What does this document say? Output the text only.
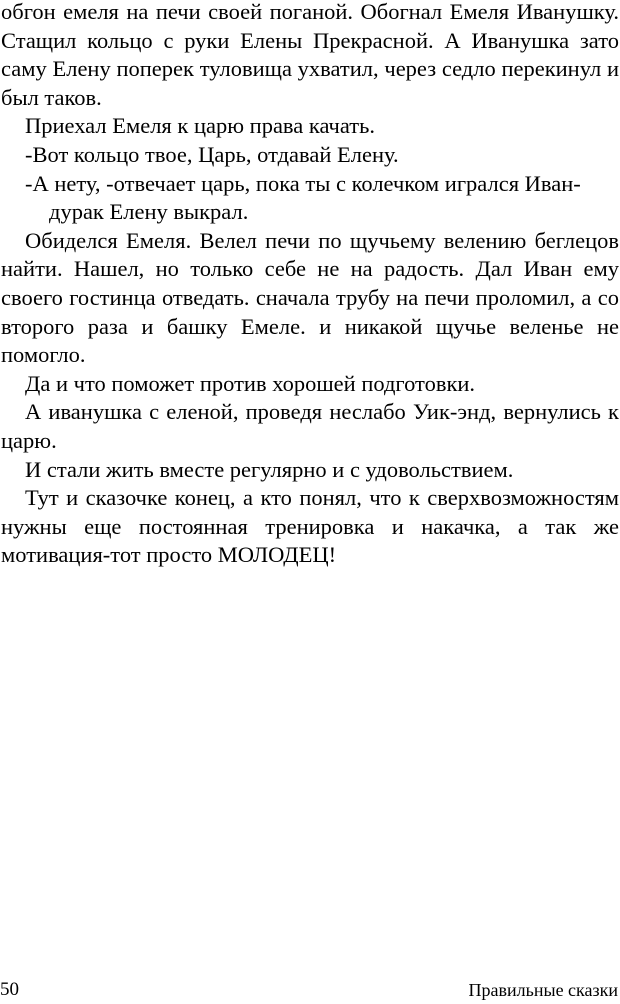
обгон емеля на печи своей поганой. Обогнал Емеля Иванушку. Стащил кольцо с руки Елены Прекрасной. А Иванушка зато саму Елену поперек туловища ухватил, через седло перекинул и был таков.

Приехал Емеля к царю права качать.

-Вот кольцо твое, Царь, отдавай Елену.

-А нету, -отвечает царь, пока ты с колечком игрался Иван-
дурак Елену выкрал.

Обиделся Емеля. Велел печи по щучьему велению беглецов найти. Нашел, но только себе не на радость. Дал Иван ему своего гостинца отведать. сначала трубу на печи проломил, а со второго раза и башку Емеле. и никакой щучье веленье не помогло.

Да и что поможет против хорошей подготовки.

А иванушка с еленой, проведя неслабо Уик-энд, вернулись к царю.

И стали жить вместе регулярно и с удовольствием.

Тут и сказочке конец, а кто понял, что к сверхвозможностям нужны еще постоянная тренировка и накачка, а так же мотивация-тот просто МОЛОДЕЦ!

50	Правильные сказки
